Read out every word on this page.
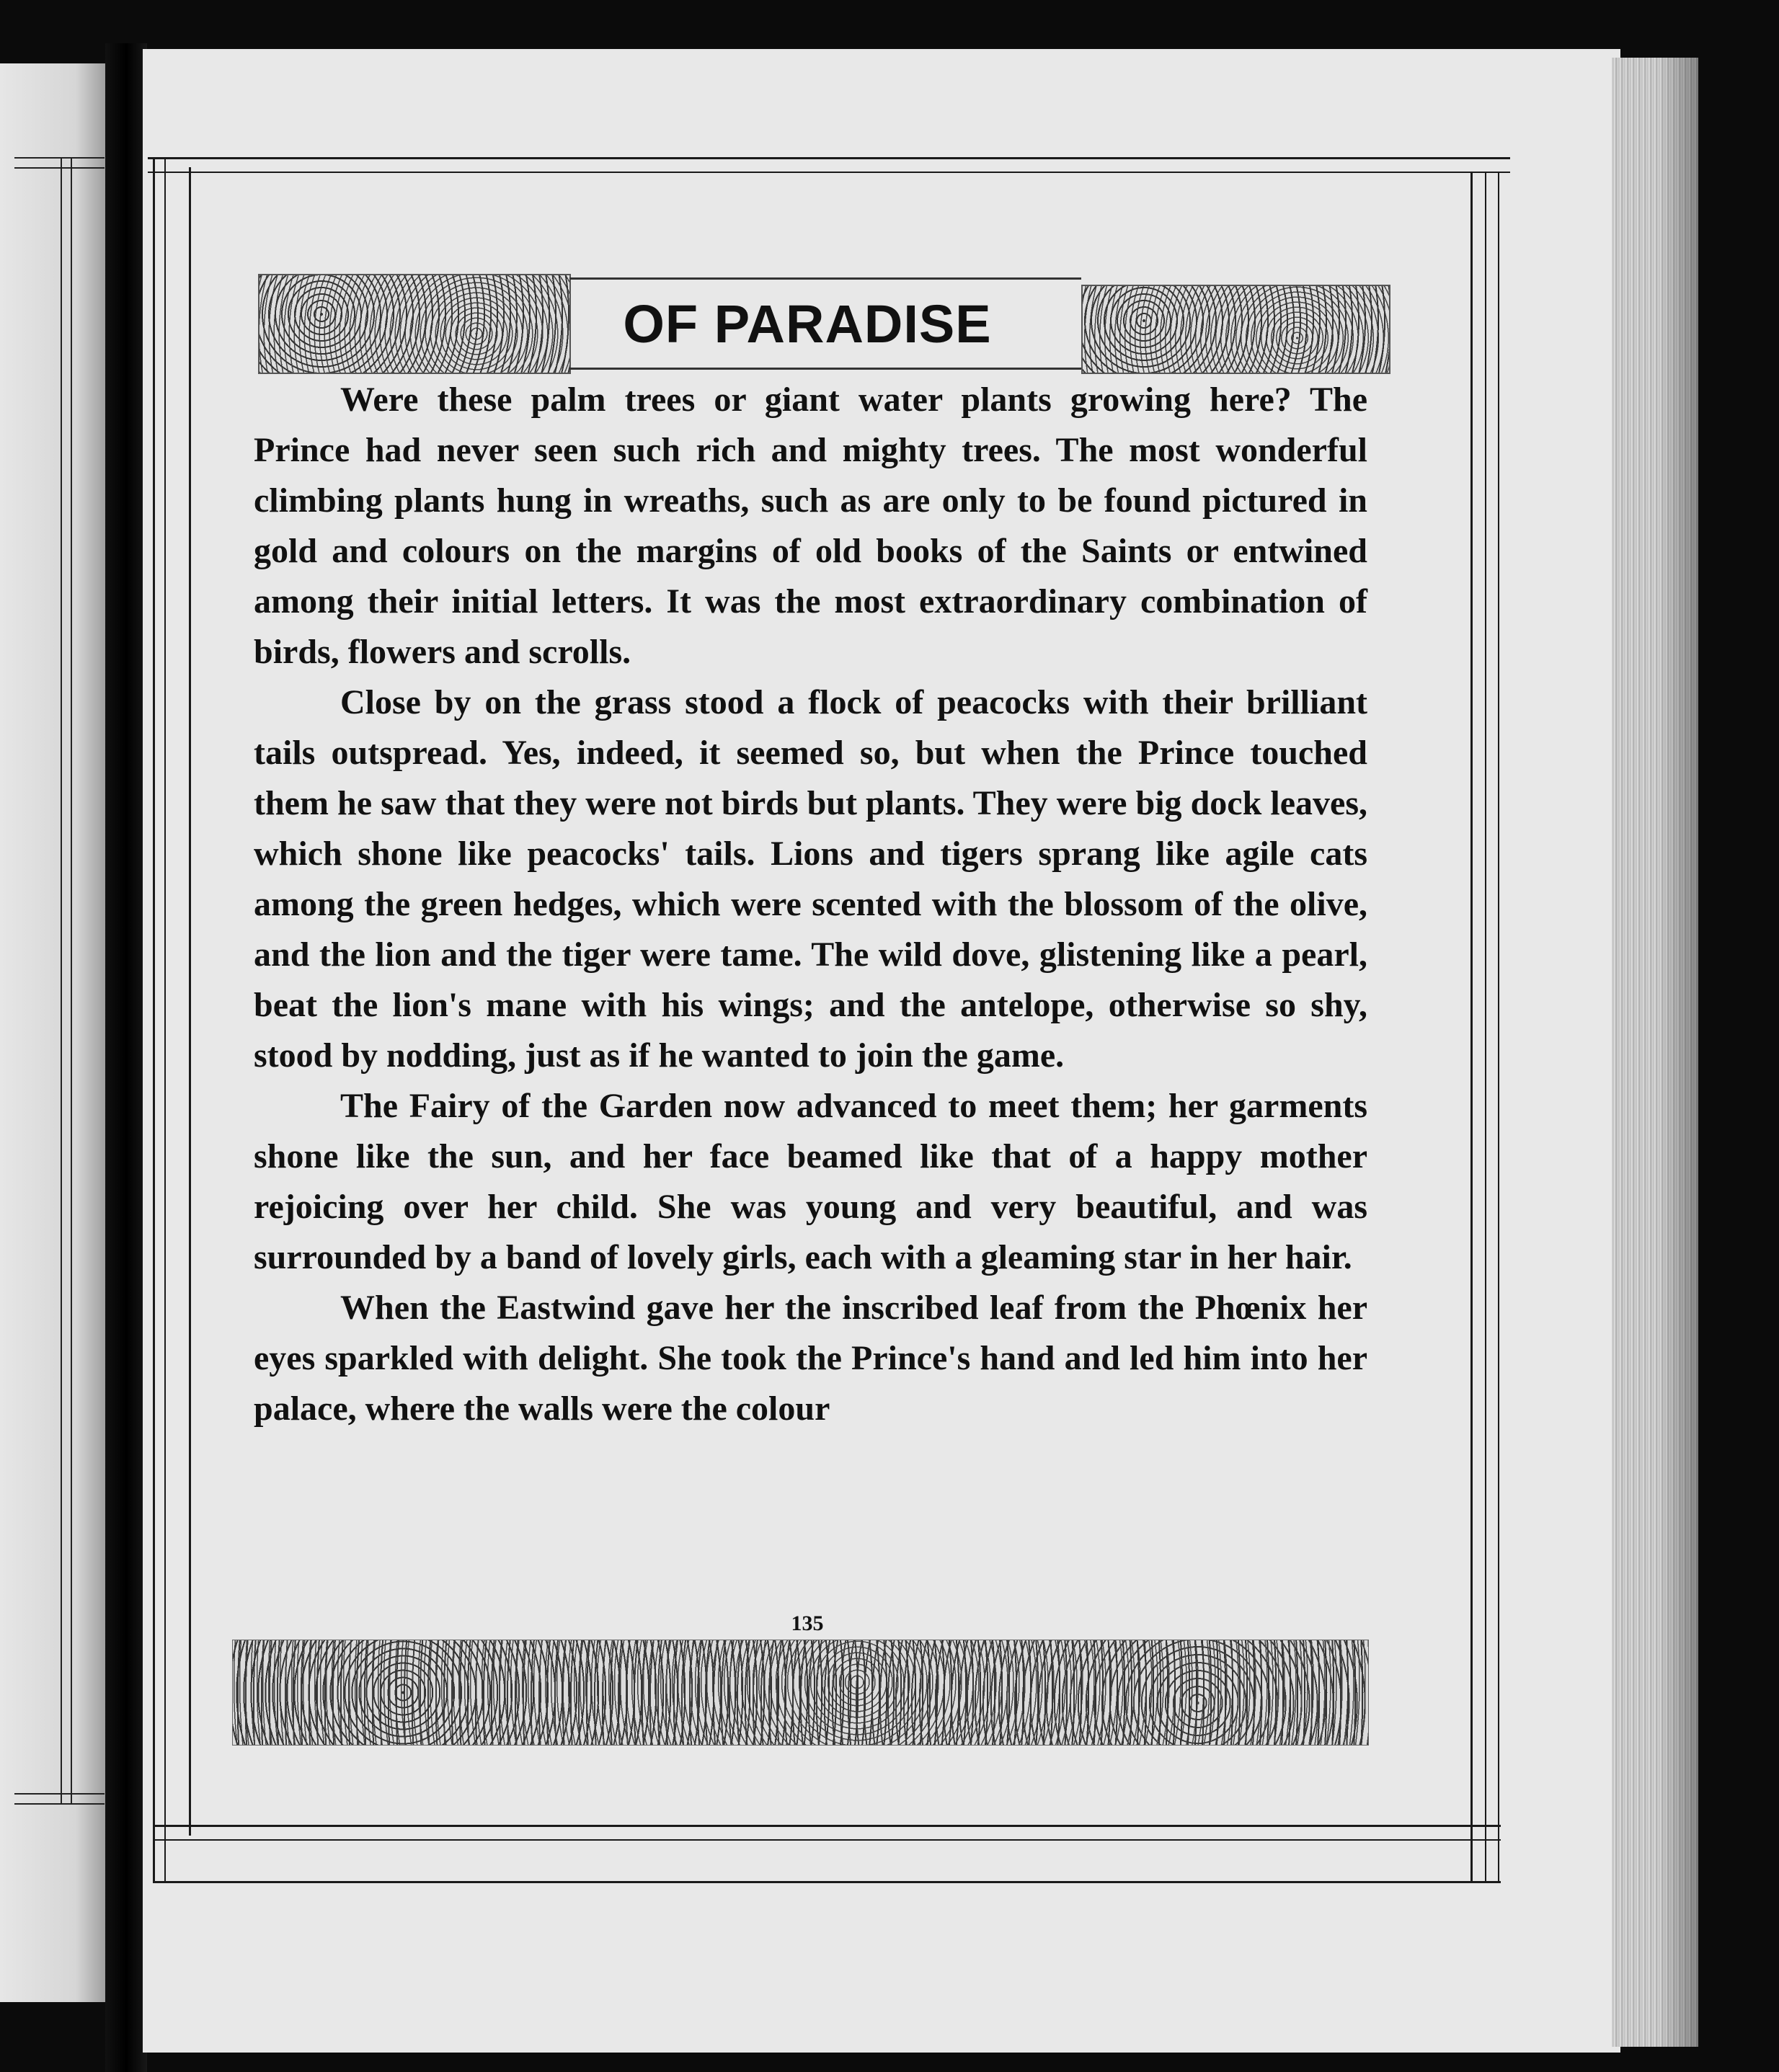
OF PARADISE

Were these palm trees or giant water plants growing here? The Prince had never seen such rich and mighty trees. The most wonderful climbing plants hung in wreaths, such as are only to be found pictured in gold and colours on the margins of old books of the Saints or entwined among their initial letters. It was the most extraordinary combination of birds, flowers and scrolls.

Close by on the grass stood a flock of peacocks with their brilliant tails outspread. Yes, indeed, it seemed so, but when the Prince touched them he saw that they were not birds but plants. They were big dock leaves, which shone like peacocks' tails. Lions and tigers sprang like agile cats among the green hedges, which were scented with the blossom of the olive, and the lion and the tiger were tame. The wild dove, glistening like a pearl, beat the lion's mane with his wings; and the antelope, otherwise so shy, stood by nodding, just as if he wanted to join the game.

The Fairy of the Garden now advanced to meet them; her garments shone like the sun, and her face beamed like that of a happy mother rejoicing over her child. She was young and very beautiful, and was surrounded by a band of lovely girls, each with a gleaming star in her hair.

When the Eastwind gave her the inscribed leaf from the Phœnix her eyes sparkled with delight. She took the Prince's hand and led him into her palace, where the walls were the colour

135
